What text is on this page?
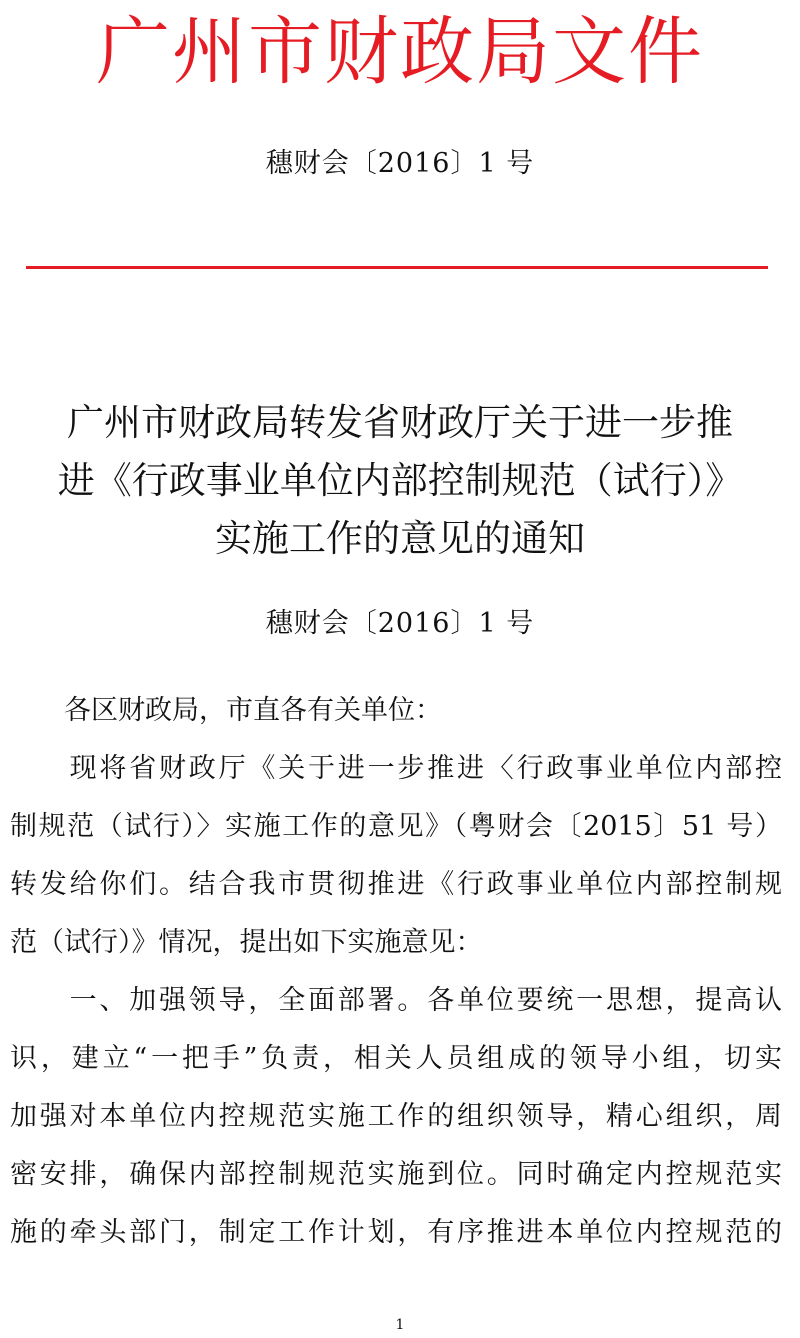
广州市财政局文件
穗财会〔2016〕1 号
广州市财政局转发省财政厅关于进一步推
进《行政事业单位内部控制规范（试行）》
实施工作的意见的通知
穗财会〔2016〕1 号
　　各区财政局，市直各有关单位：
　　现将省财政厅《关于进一步推进〈行政事业单位内部控
制规范（试行）〉实施工作的意见》（粤财会〔2015〕51 号）
转发给你们。结合我市贯彻推进《行政事业单位内部控制规
范（试行）》情况，提出如下实施意见：
　　一、加强领导，全面部署。各单位要统一思想，提高认
识，建立“一把手”负责，相关人员组成的领导小组，切实
加强对本单位内控规范实施工作的组织领导，精心组织，周
密安排，确保内部控制规范实施到位。同时确定内控规范实
施的牵头部门，制定工作计划，有序推进本单位内控规范的
1
